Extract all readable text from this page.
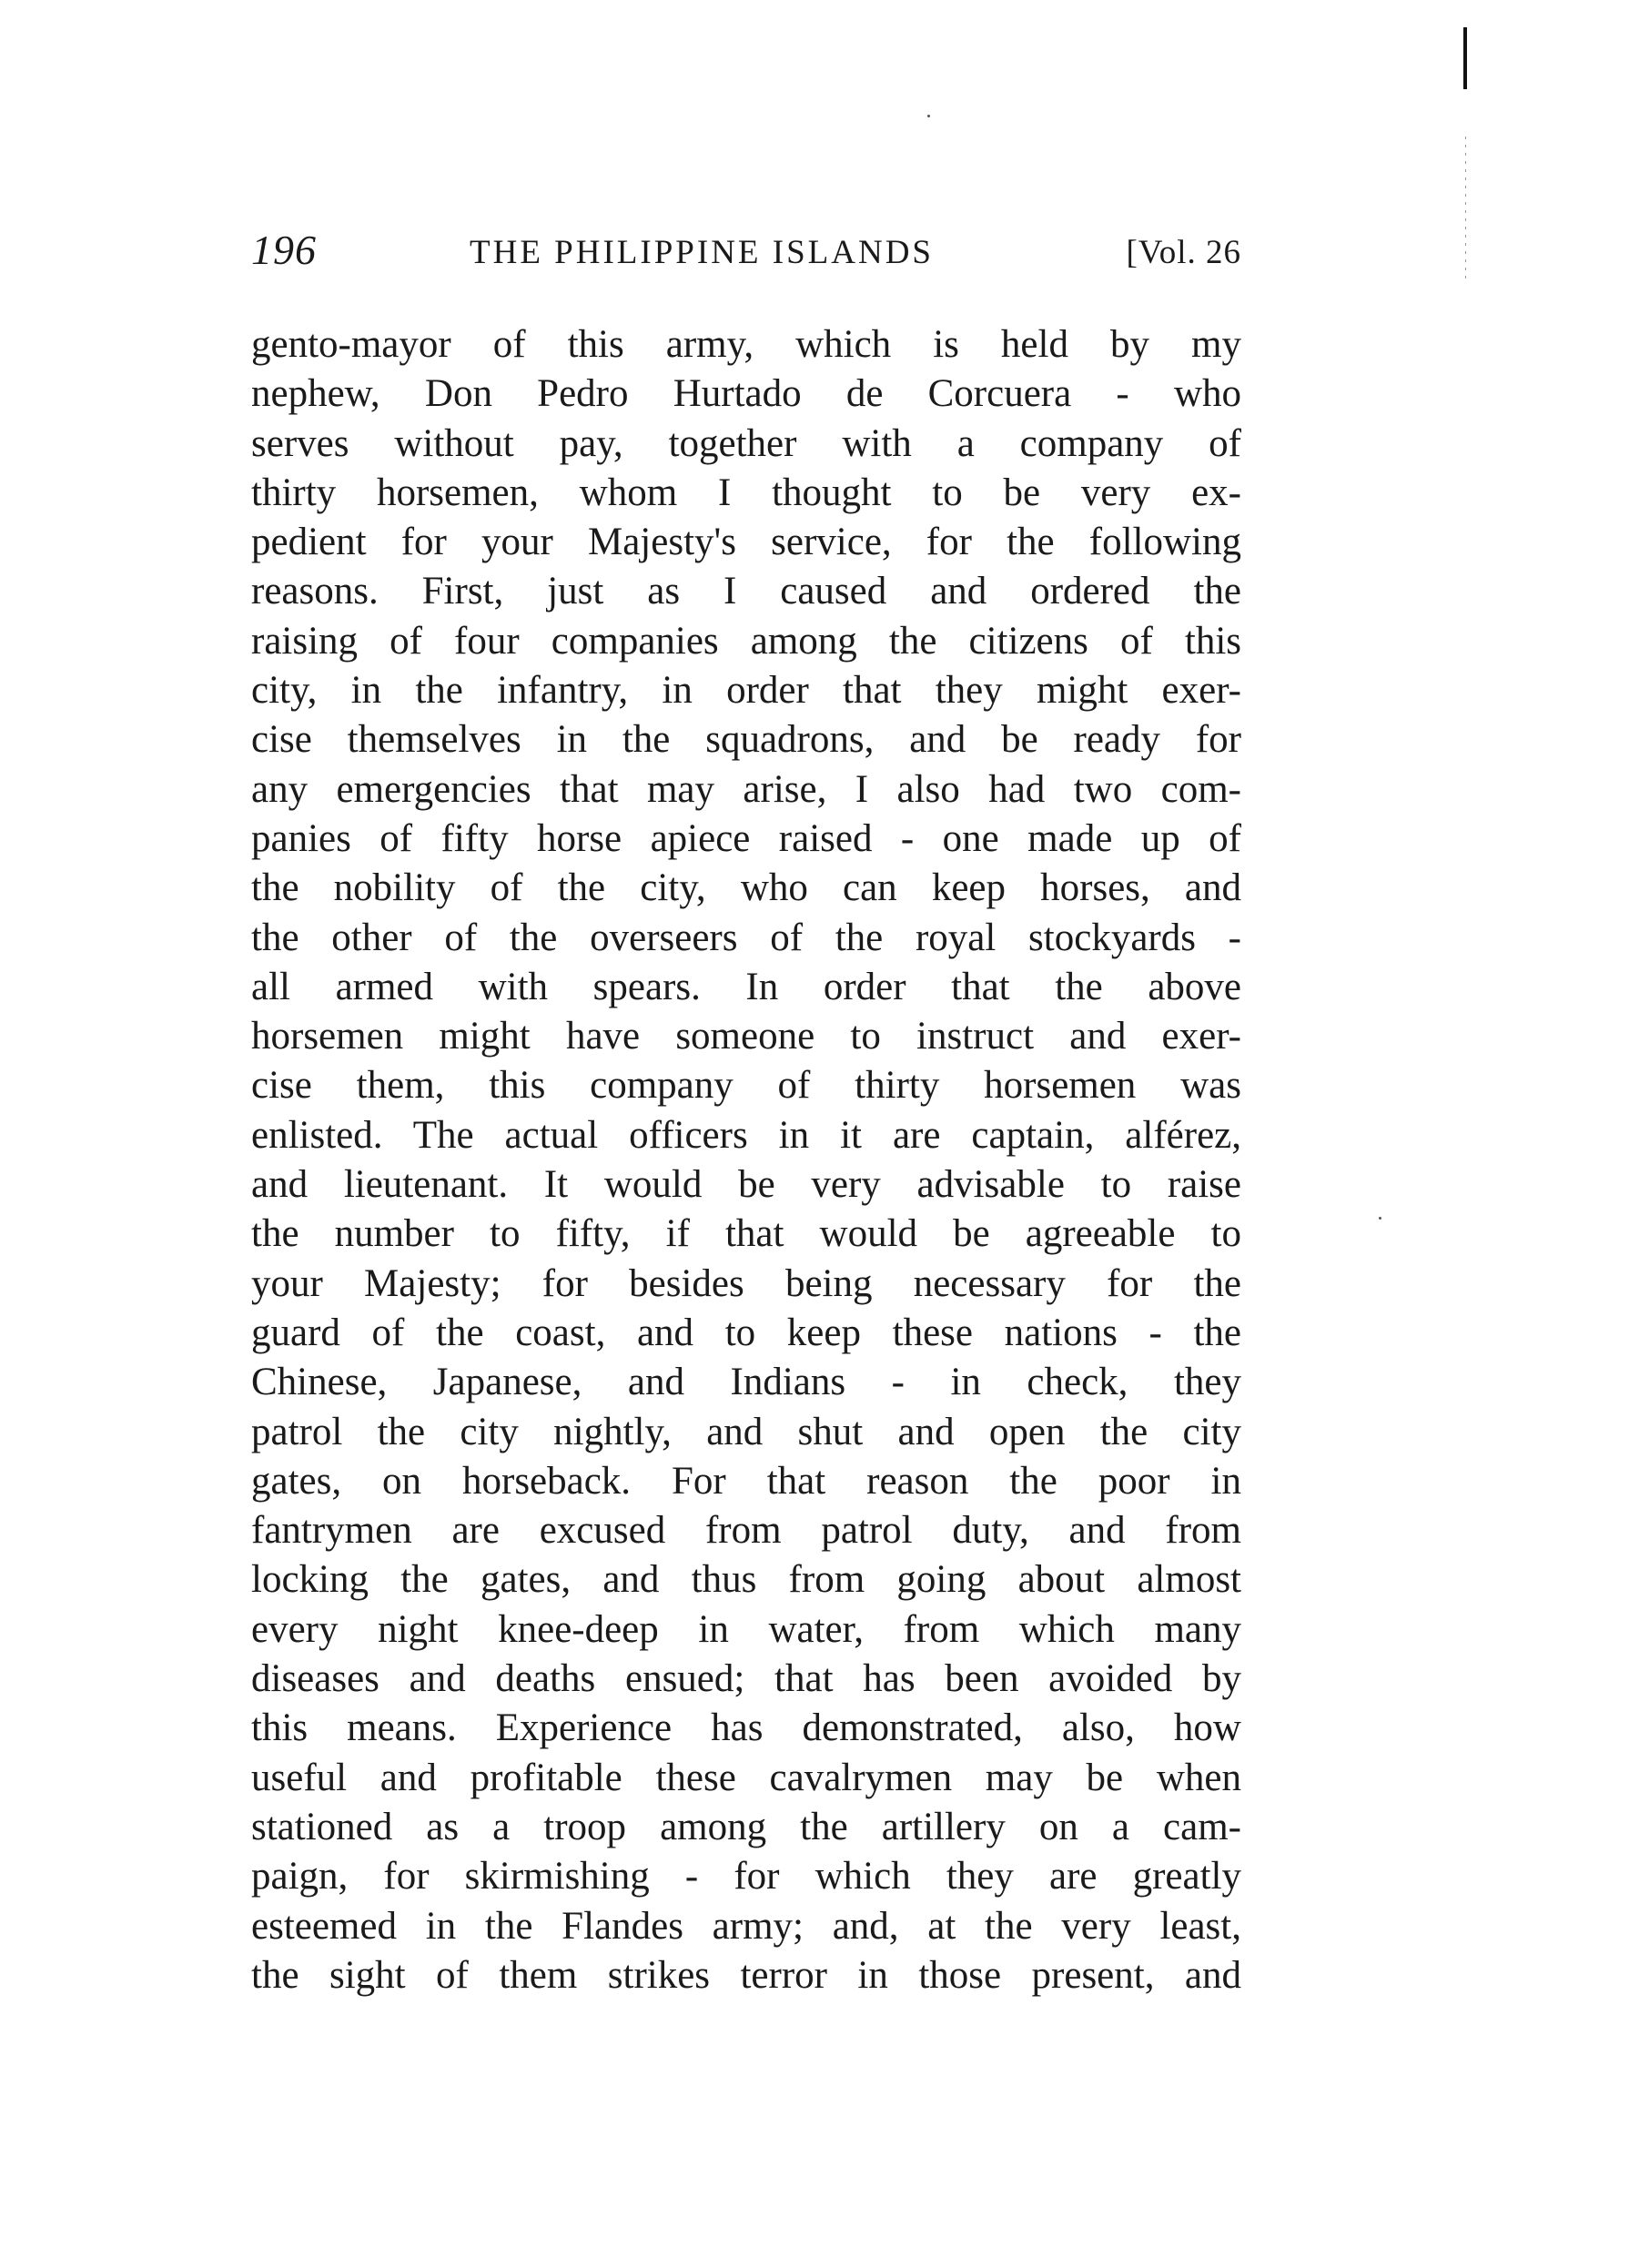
196	THE PHILIPPINE ISLANDS	[Vol. 26
gento-mayor of this army, which is held by my
nephew, Don Pedro Hurtado de Corcuera - who
serves without pay, together with a company of
thirty horsemen, whom I thought to be very ex-
pedient for your Majesty's service, for the following
reasons. First, just as I caused and ordered the
raising of four companies among the citizens of this
city, in the infantry, in order that they might exer-
cise themselves in the squadrons, and be ready for
any emergencies that may arise, I also had two com-
panies of fifty horse apiece raised - one made up of
the nobility of the city, who can keep horses, and
the other of the overseers of the royal stockyards -
all armed with spears. In order that the above
horsemen might have someone to instruct and exer-
cise them, this company of thirty horsemen was
enlisted. The actual officers in it are captain, alférez,
and lieutenant. It would be very advisable to raise
the number to fifty, if that would be agreeable to
your Majesty; for besides being necessary for the
guard of the coast, and to keep these nations - the
Chinese, Japanese, and Indians - in check, they
patrol the city nightly, and shut and open the city
gates, on horseback. For that reason the poor in
fantrymen are excused from patrol duty, and from
locking the gates, and thus from going about almost
every night knee-deep in water, from which many
diseases and deaths ensued; that has been avoided by
this means. Experience has demonstrated, also, how
useful and profitable these cavalrymen may be when
stationed as a troop among the artillery on a cam-
paign, for skirmishing - for which they are greatly
esteemed in the Flandes army; and, at the very least,
the sight of them strikes terror in those present, and
